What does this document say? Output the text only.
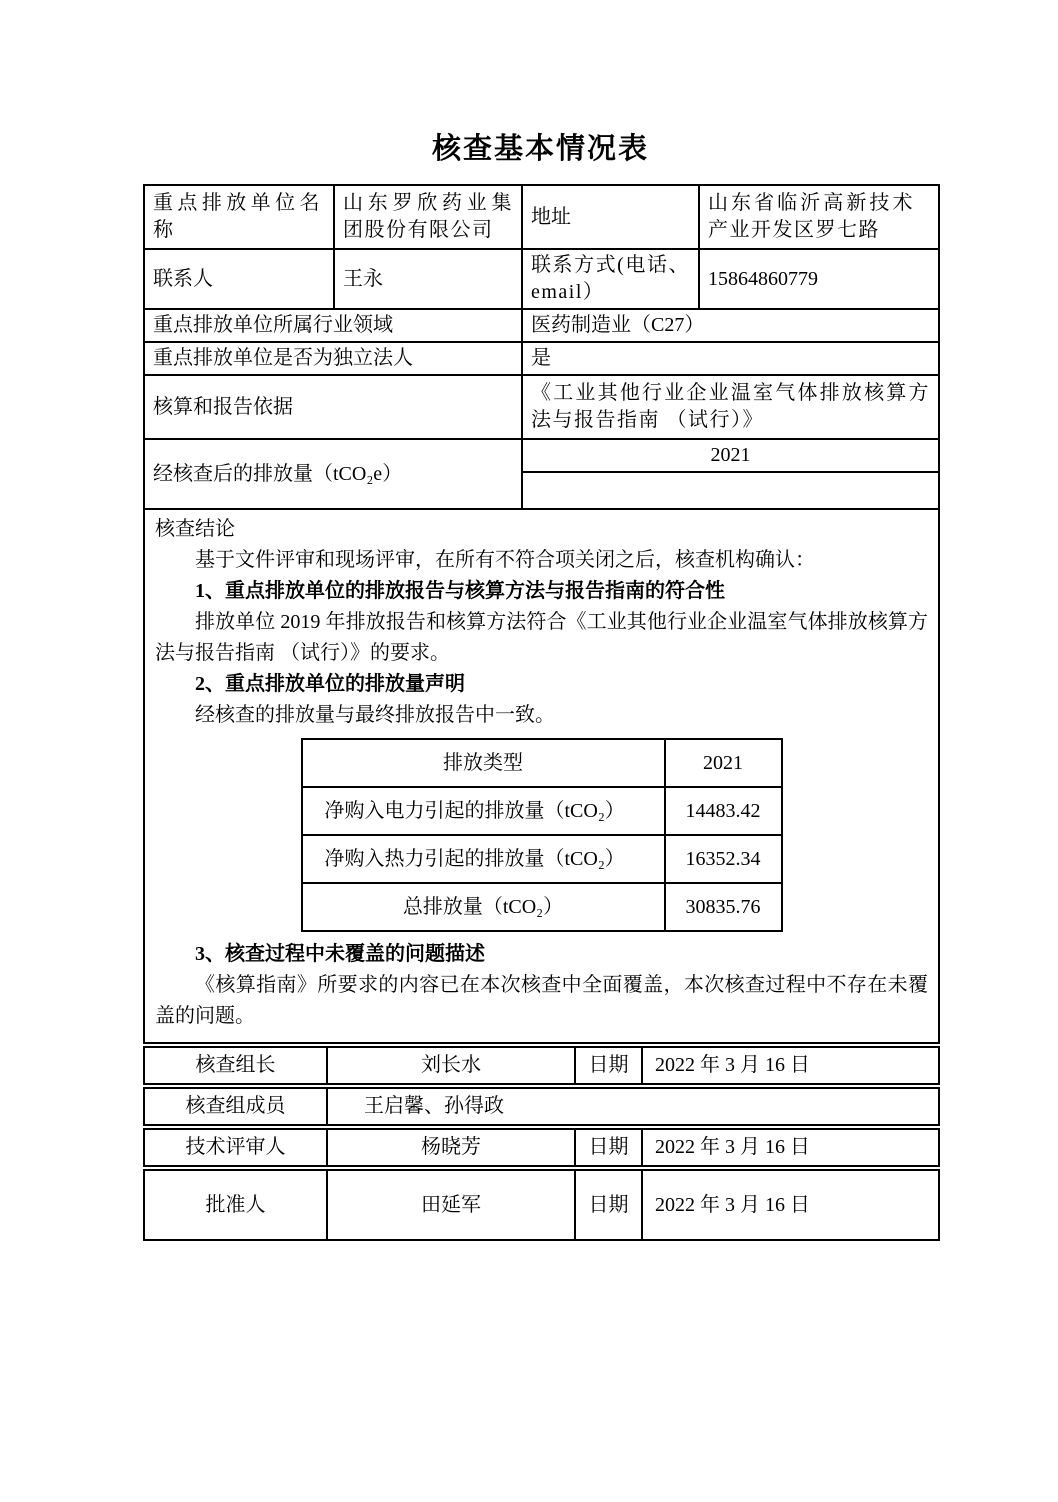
核查基本情况表
重点排放单位名称	山东罗欣药业集团股份有限公司	地址	山东省临沂高新技术产业开发区罗七路
联系人	王永	联系方式(电话、email）	15864860779
重点排放单位所属行业领域	医药制造业（C27）
重点排放单位是否为独立法人	是
核算和报告依据	《工业其他行业企业温室气体排放核算方法与报告指南 （试行）》
经核查后的排放量（tCO₂e）	2021

核查结论

基于文件评审和现场评审，在所有不符合项关闭之后，核查机构确认：

1、重点排放单位的排放报告与核算方法与报告指南的符合性

排放单位 2019 年排放报告和核算方法符合《工业其他行业企业温室气体排放核算方法与报告指南 （试行）》的要求。

2、重点排放单位的排放量声明

经核查的排放量与最终排放报告中一致。

排放类型	2021
净购入电力引起的排放量（tCO₂）	14483.42
净购入热力引起的排放量（tCO₂）	16352.34
总排放量（tCO₂）	30835.76

3、核查过程中未覆盖的问题描述

《核算指南》所要求的内容已在本次核查中全面覆盖，本次核查过程中不存在未覆盖的问题。

核查组长	刘长水	日期	2022 年 3 月 16 日
核查组成员	王启馨、孙得政
技术评审人	杨晓芳	日期	2022 年 3 月 16 日
批准人	田延军	日期	2022 年 3 月 16 日
